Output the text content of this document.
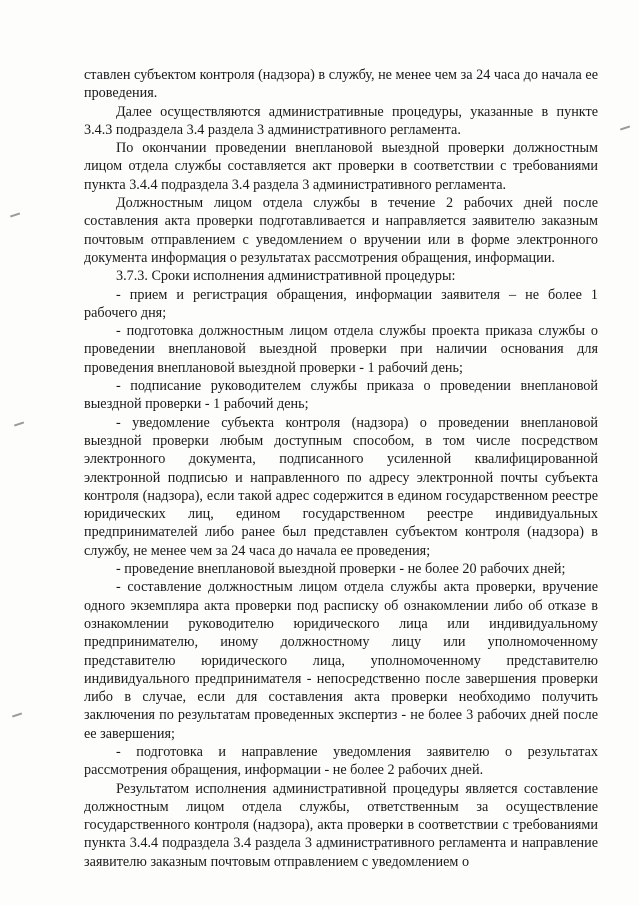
ставлен субъектом контроля (надзора) в службу, не менее чем за 24 часа до начала ее проведения.

Далее осуществляются административные процедуры, указанные в пункте 3.4.3 подраздела 3.4 раздела 3 административного регламента.

По окончании проведении внеплановой выездной проверки должностным лицом отдела службы составляется акт проверки в соответствии с требованиями пункта 3.4.4 подраздела 3.4 раздела 3 административного регламента.

Должностным лицом отдела службы в течение 2 рабочих дней после составления акта проверки подготавливается и направляется заявителю заказным почтовым отправлением с уведомлением о вручении или в форме электронного документа информация о результатах рассмотрения обращения, информации.

3.7.3. Сроки исполнения административной процедуры:

- прием и регистрация обращения, информации заявителя – не более 1 рабочего дня;

- подготовка должностным лицом отдела службы проекта приказа службы о проведении внеплановой выездной проверки при наличии основания для проведения внеплановой выездной проверки - 1 рабочий день;

- подписание руководителем службы приказа о проведении внеплановой выездной проверки - 1 рабочий день;

- уведомление субъекта контроля (надзора) о проведении внеплановой выездной проверки любым доступным способом, в том числе посредством электронного документа, подписанного усиленной квалифицированной электронной подписью и направленного по адресу электронной почты субъекта контроля (надзора), если такой адрес содержится в едином государственном реестре юридических лиц, едином государственном реестре индивидуальных предпринимателей либо ранее был представлен субъектом контроля (надзора) в службу, не менее чем за 24 часа до начала ее проведения;

- проведение внеплановой выездной проверки - не более 20 рабочих дней;

- составление должностным лицом отдела службы акта проверки, вручение одного экземпляра акта проверки под расписку об ознакомлении либо об отказе в ознакомлении руководителю юридического лица или индивидуальному предпринимателю, иному должностному лицу или уполномоченному представителю юридического лица, уполномоченному представителю индивидуального предпринимателя - непосредственно после завершения проверки либо в случае, если для составления акта проверки необходимо получить заключения по результатам проведенных экспертиз - не более 3 рабочих дней после ее завершения;

- подготовка и направление уведомления заявителю о результатах рассмотрения обращения, информации - не более 2 рабочих дней.

Результатом исполнения административной процедуры является составление должностным лицом отдела службы, ответственным за осуществление государственного контроля (надзора), акта проверки в соответствии с требованиями пункта 3.4.4 подраздела 3.4 раздела 3 административного регламента и направление заявителю заказным почтовым отправлением с уведомлением о
